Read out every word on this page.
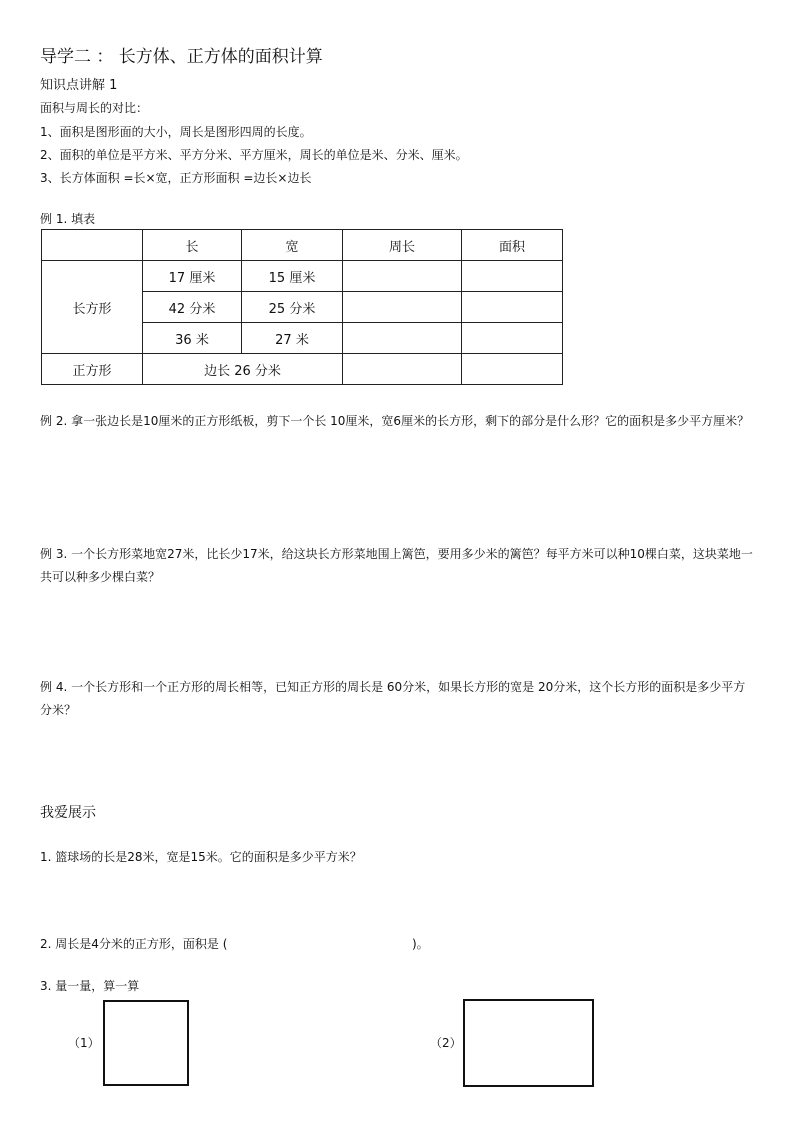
导学二 ： 长方体、正方体的面积计算
知识点讲解 1
面积与周长的对比：
1、面积是图形面的大小，周长是图形四周的长度。
2、面积的单位是平方米、平方分米、平方厘米，周长的单位是米、分米、厘米。
3、长方体面积 =长×宽，正方形面积 =边长×边长
例 1. 填表
	长	宽	周长	面积
长方形	17 厘米	15 厘米		
	42 分米	25 分米		
	36 米	27 米		
正方形	边长 26 分米			
例 2. 拿一张边长是10厘米的正方形纸板，剪下一个长 10厘米，宽6厘米的长方形，剩下的部分是什么形？它的面积是多少平方厘米？
例 3. 一个长方形菜地宽27米，比长少17米，给这块长方形菜地围上篱笆，要用多少米的篱笆？每平方米可以种10棵白菜，这块菜地一共可以种多少棵白菜？
例 4. 一个长方形和一个正方形的周长相等，已知正方形的周长是 60分米，如果长方形的宽是 20分米，这个长方形的面积是多少平方分米？
我爱展示
1. 篮球场的长是28米，宽是15米。它的面积是多少平方米？
2. 周长是4分米的正方形，面积是 (	)。
3. 量一量，算一算
（1）	（2）
